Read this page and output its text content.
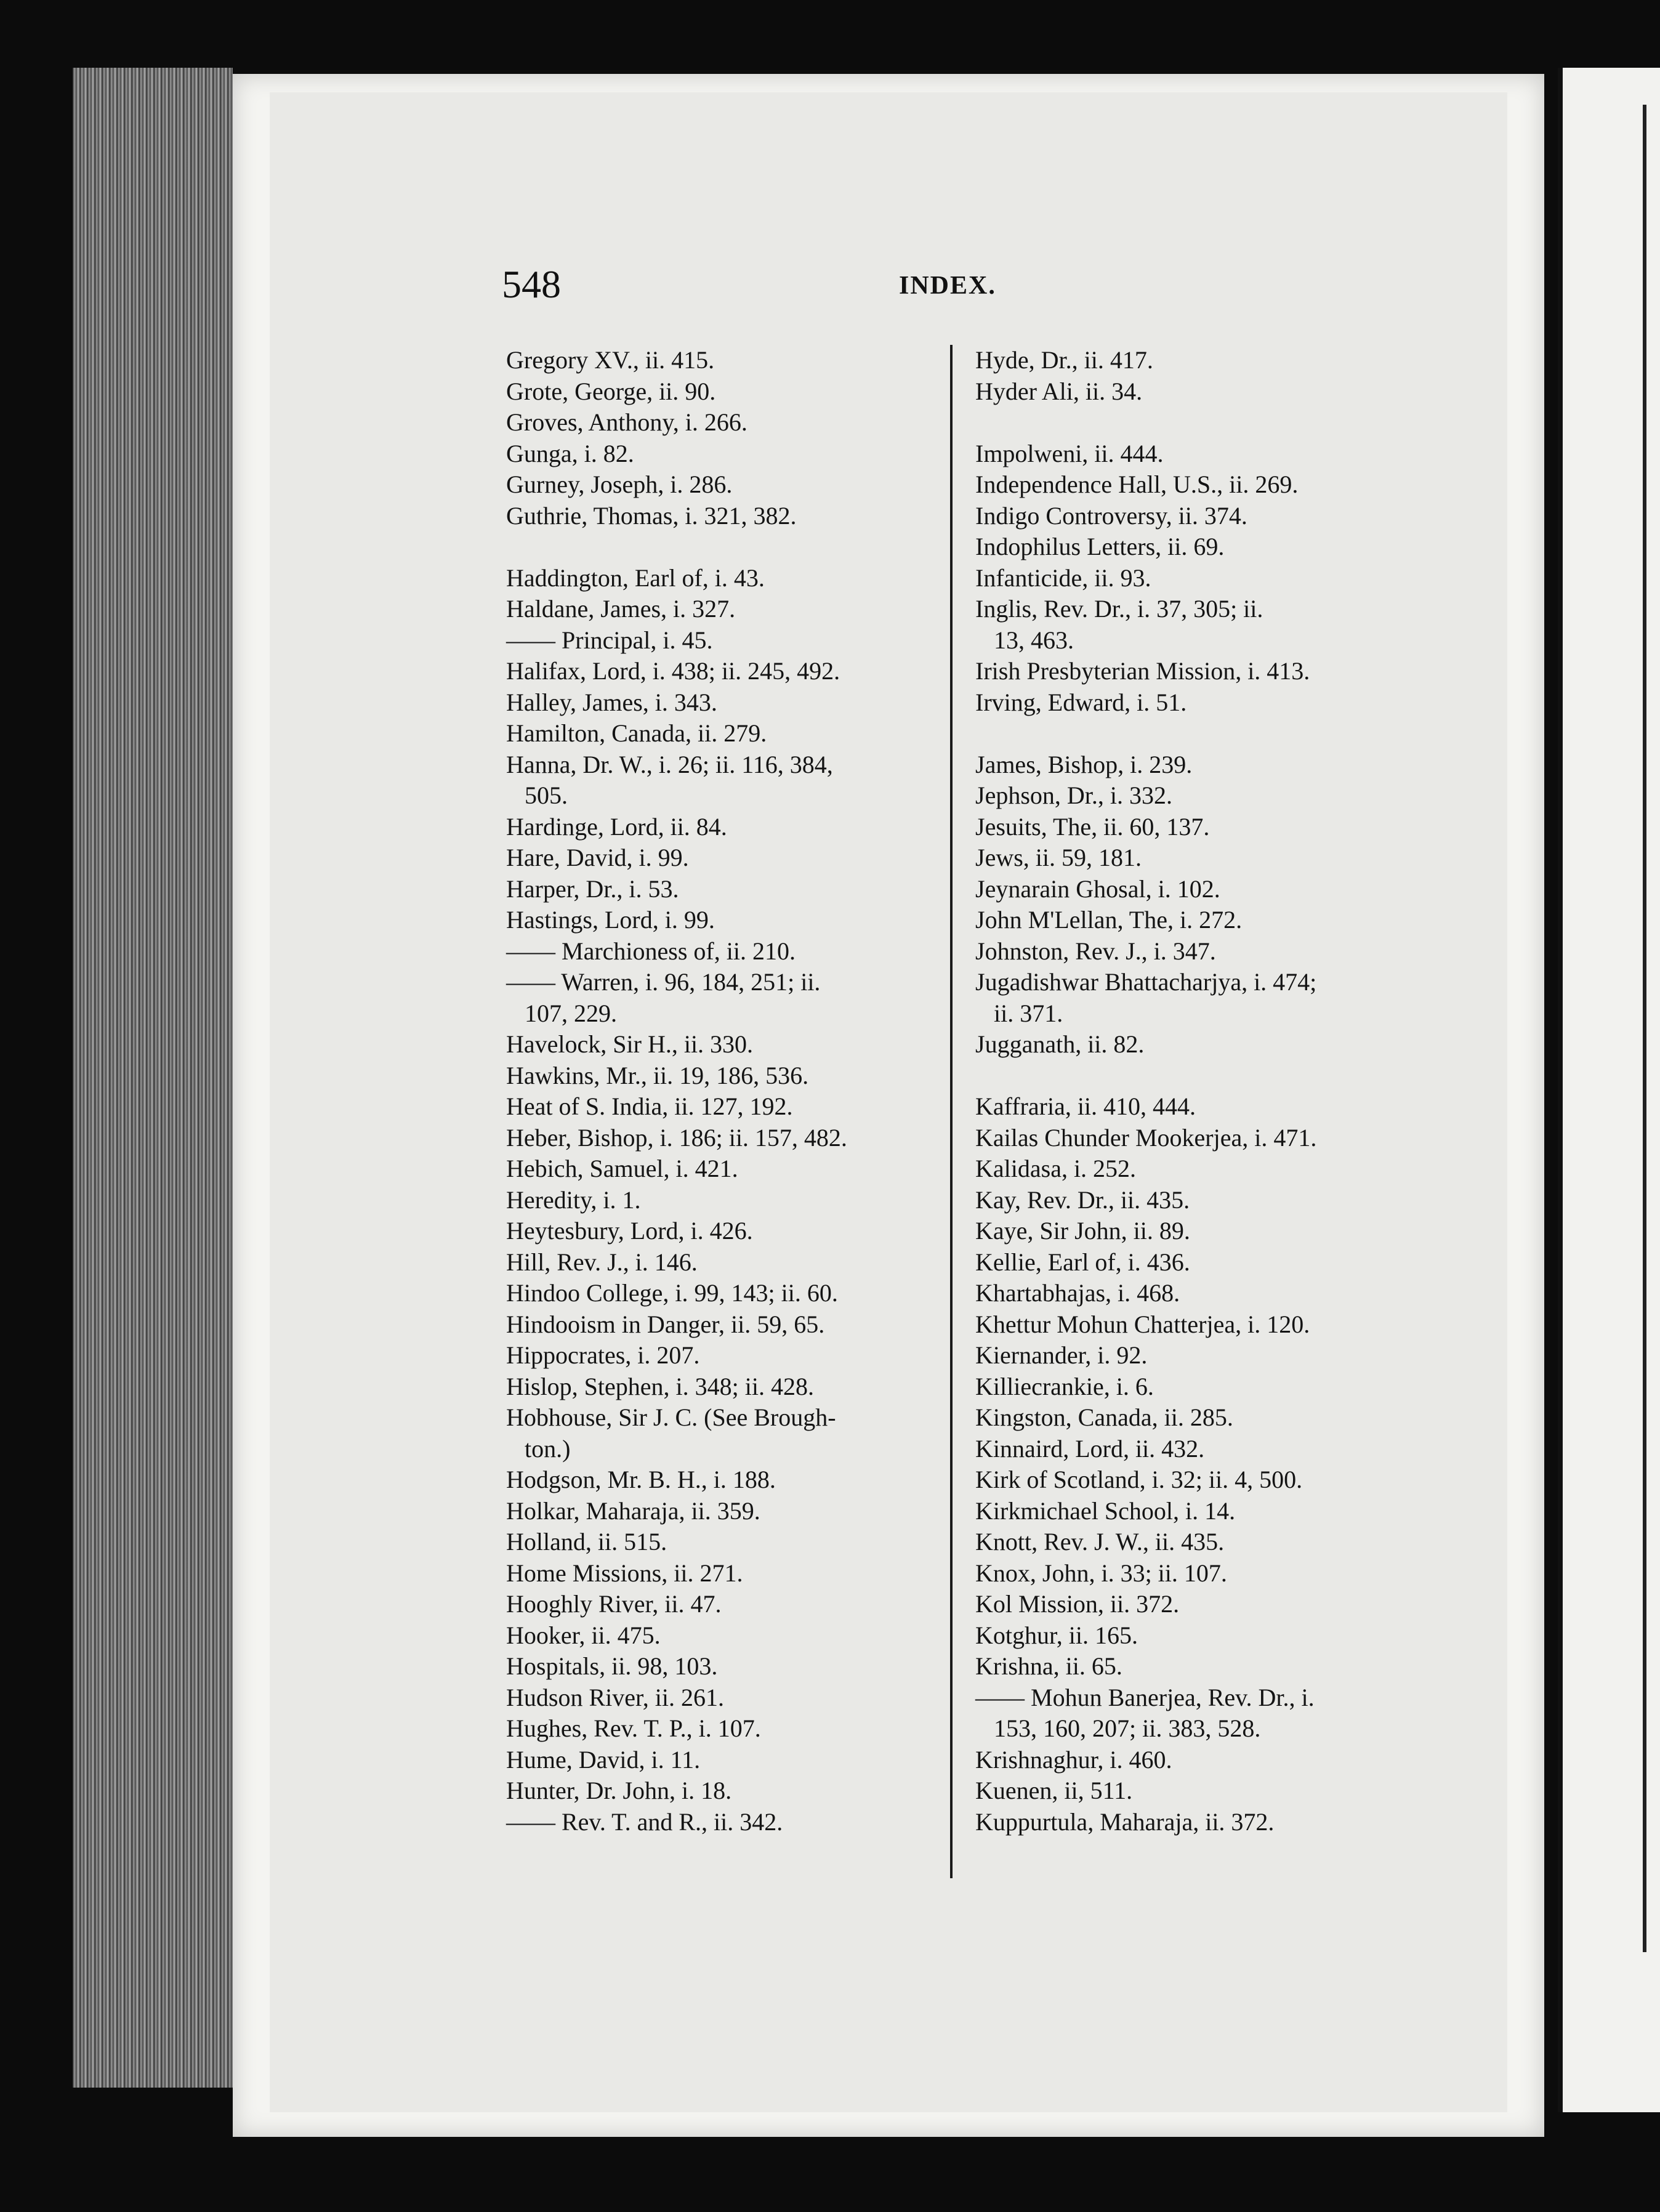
548	INDEX.
Gregory XV., ii. 415.
Grote, George, ii. 90.
Groves, Anthony, i. 266.
Gunga, i. 82.
Gurney, Joseph, i. 286.
Guthrie, Thomas, i. 321, 382.
Haddington, Earl of, i. 43.
Haldane, James, i. 327.
—— Principal, i. 45.
Halifax, Lord, i. 438; ii. 245, 492.
Halley, James, i. 343.
Hamilton, Canada, ii. 279.
Hanna, Dr. W., i. 26; ii. 116, 384,
505.
Hardinge, Lord, ii. 84.
Hare, David, i. 99.
Harper, Dr., i. 53.
Hastings, Lord, i. 99.
—— Marchioness of, ii. 210.
—— Warren, i. 96, 184, 251; ii.
107, 229.
Havelock, Sir H., ii. 330.
Hawkins, Mr., ii. 19, 186, 536.
Heat of S. India, ii. 127, 192.
Heber, Bishop, i. 186; ii. 157, 482.
Hebich, Samuel, i. 421.
Heredity, i. 1.
Heytesbury, Lord, i. 426.
Hill, Rev. J., i. 146.
Hindoo College, i. 99, 143; ii. 60.
Hindooism in Danger, ii. 59, 65.
Hippocrates, i. 207.
Hislop, Stephen, i. 348; ii. 428.
Hobhouse, Sir J. C. (See Brough-
ton.)
Hodgson, Mr. B. H., i. 188.
Holkar, Maharaja, ii. 359.
Holland, ii. 515.
Home Missions, ii. 271.
Hooghly River, ii. 47.
Hooker, ii. 475.
Hospitals, ii. 98, 103.
Hudson River, ii. 261.
Hughes, Rev. T. P., i. 107.
Hume, David, i. 11.
Hunter, Dr. John, i. 18.
—— Rev. T. and R., ii. 342.
Hyde, Dr., ii. 417.
Hyder Ali, ii. 34.
Impolweni, ii. 444.
Independence Hall, U.S., ii. 269.
Indigo Controversy, ii. 374.
Indophilus Letters, ii. 69.
Infanticide, ii. 93.
Inglis, Rev. Dr., i. 37, 305; ii.
13, 463.
Irish Presbyterian Mission, i. 413.
Irving, Edward, i. 51.
James, Bishop, i. 239.
Jephson, Dr., i. 332.
Jesuits, The, ii. 60, 137.
Jews, ii. 59, 181.
Jeynarain Ghosal, i. 102.
John M'Lellan, The, i. 272.
Johnston, Rev. J., i. 347.
Jugadishwar Bhattacharjya, i. 474;
ii. 371.
Jugganath, ii. 82.
Kaffraria, ii. 410, 444.
Kailas Chunder Mookerjea, i. 471.
Kalidasa, i. 252.
Kay, Rev. Dr., ii. 435.
Kaye, Sir John, ii. 89.
Kellie, Earl of, i. 436.
Khartabhajas, i. 468.
Khettur Mohun Chatterjea, i. 120.
Kiernander, i. 92.
Killiecrankie, i. 6.
Kingston, Canada, ii. 285.
Kinnaird, Lord, ii. 432.
Kirk of Scotland, i. 32; ii. 4, 500.
Kirkmichael School, i. 14.
Knott, Rev. J. W., ii. 435.
Knox, John, i. 33; ii. 107.
Kol Mission, ii. 372.
Kotghur, ii. 165.
Krishna, ii. 65.
—— Mohun Banerjea, Rev. Dr., i.
153, 160, 207; ii. 383, 528.
Krishnaghur, i. 460.
Kuenen, ii, 511.
Kuppurtula, Maharaja, ii. 372.
